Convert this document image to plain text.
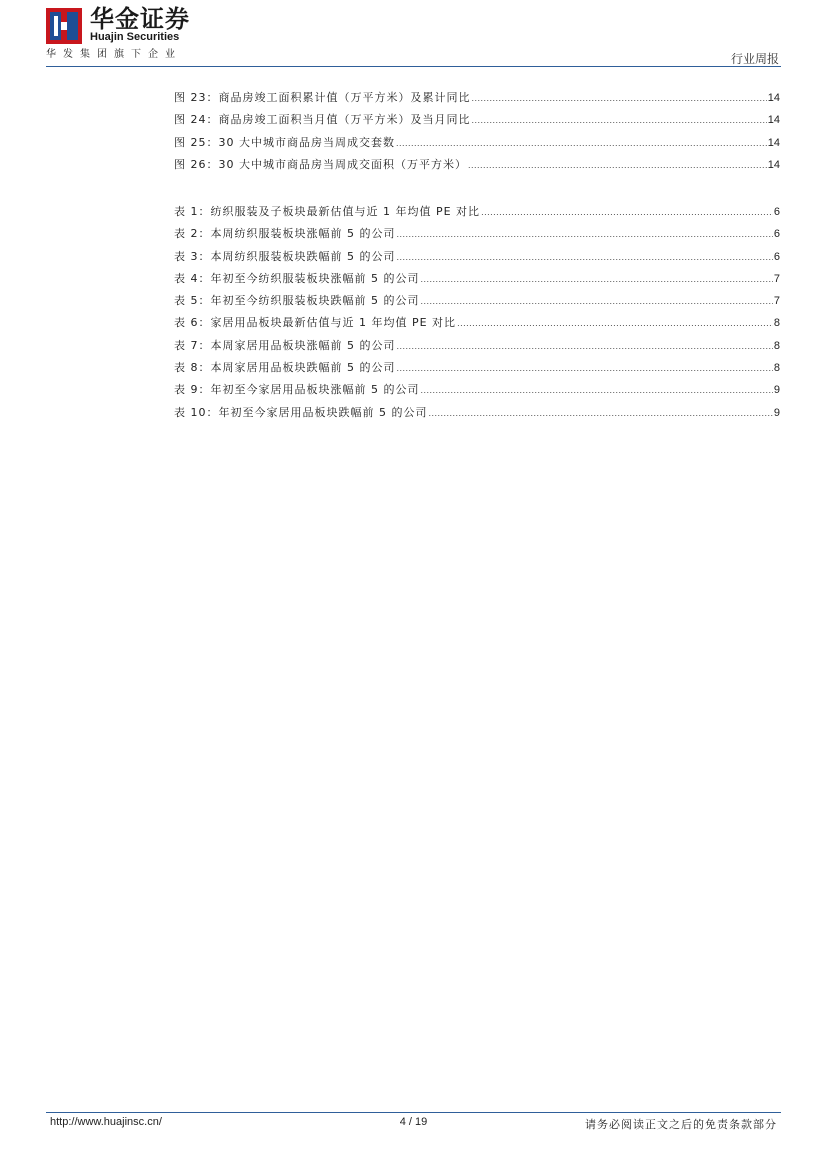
华金证券
Huajin Securities
华发集团旗下企业	行业周报
图 23：商品房竣工面积累计值（万平方米）及累计同比 .....	14
图 24：商品房竣工面积当月值（万平方米）及当月同比 .....	14
图 25：30 大中城市商品房当周成交套数 .....	14
图 26：30 大中城市商品房当周成交面积（万平方米） .....	14
表 1：纺织服装及子板块最新估值与近 1 年均值 PE 对比 .....	6
表 2：本周纺织服装板块涨幅前 5 的公司 .....	6
表 3：本周纺织服装板块跌幅前 5 的公司 .....	6
表 4：年初至今纺织服装板块涨幅前 5 的公司 .....	7
表 5：年初至今纺织服装板块跌幅前 5 的公司 .....	7
表 6：家居用品板块最新估值与近 1 年均值 PE 对比 .....	8
表 7：本周家居用品板块涨幅前 5 的公司 .....	8
表 8：本周家居用品板块跌幅前 5 的公司 .....	8
表 9：年初至今家居用品板块涨幅前 5 的公司 .....	9
表 10：年初至今家居用品板块跌幅前 5 的公司 .....	9
http://www.huajinsc.cn/	4 / 19	请务必阅读正文之后的免责条款部分
